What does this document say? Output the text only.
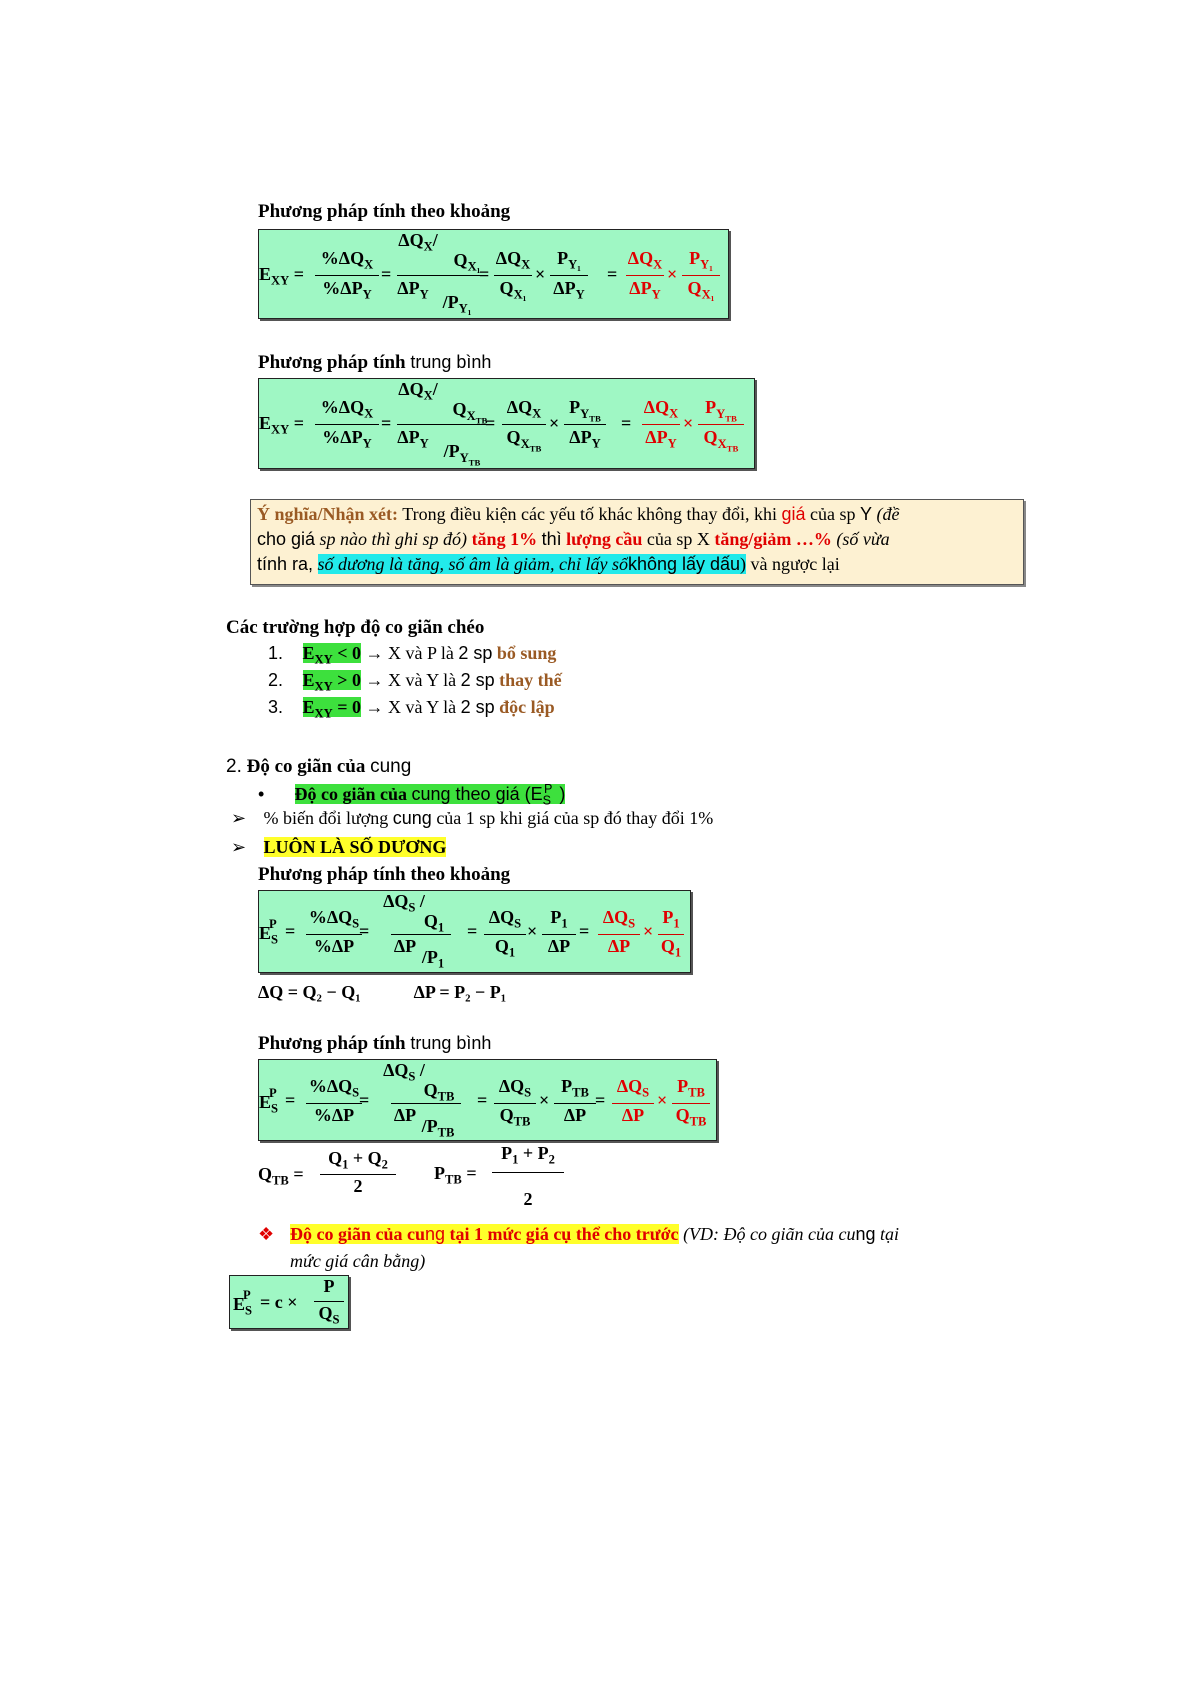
Phương pháp tính theo khoảng
$E_{XY}$ =
$\%\Delta Q_X$
$\%\Delta P_Y$
=
$\Delta Q_X/$
$Q_{X_1}$
$\Delta P_Y$ $/P_{Y_1}$
=
$\Delta Q_X$
$Q_{X_1}$
×
$P_{Y_1}$
$\Delta P_Y$
=
$\Delta Q_X$
$\Delta P_Y$
×
$P_{Y_1}$
$Q_{X_1}$
Phương pháp tính trung bình
$E_{XY}$ =
$\%\Delta Q_X$
$\%\Delta P_Y$
=
$\Delta Q_X/$
$Q_{X_{TB}}$
$\Delta P_Y$ $/P_{Y_{TB}}$
=
$\Delta Q_X$
$Q_{X_{TB}}$
×
$P_{Y_{TB}}$
$\Delta P_Y$
=
$\Delta Q_X$
$\Delta P_Y$
×
$P_{Y_{TB}}$
$Q_{X_{TB}}$
Ý nghĩa/Nhận xét: Trong điều kiện các yếu tố khác không thay đổi, khi giá của sp Y (đề
cho giá sp nào thì ghi sp đó) tăng 1% thì lượng cầu của sp X tăng/giảm …% (số vừa
tính ra, số dương là tăng, số âm là giảm, chỉ lấy sốkhông lấy dấu) và ngược lại
Các trường hợp độ co giãn chéo
1. $E_{XY} < 0 \to X$ và P là 2 sp bổ sung
2. $E_{XY} > 0 \to X$ và Y là 2 sp thay thế
3. $E_{XY} = 0 \to X$ và Y là 2 sp độc lập
2. Độ co giãn của cung
• Độ co giãn của cung theo giá ($E_S^P$ )
➢ % biến đổi lượng cung của 1 sp khi giá của sp đó thay đổi 1%
➢ LUÔN LÀ SỐ DƯƠNG
Phương pháp tính theo khoảng
$E_S^P$ =
$\%\Delta Q_S$
%ΔP
=
$\Delta Q_S$ /
$Q_1$
ΔP
$/P_1$
=
$\Delta Q_S$
$Q_1$
×
$P_1$
ΔP
=
$\Delta Q_S$
ΔP
×
$P_1$
$Q_1$
ΔQ = Q₂ − Q₁	ΔP = P₂ − P₁
Phương pháp tính trung bình
$E_S^P$ =
$\%\Delta Q_S$
%ΔP
=
$\Delta Q_S$ /
$Q_{TB}$
ΔP
$/P_{TB}$
=
$\Delta Q_S$
$Q_{TB}$
×
$P_{TB}$
ΔP
=
$\Delta Q_S$
ΔP
×
$P_{TB}$
$Q_{TB}$
$Q_{TB}$ =
$Q_1 + Q_2$
2
$P_{TB}$ =
$P_1 + P_2$
2
❖ Độ co giãn của cung tại 1 mức giá cụ thể cho trước (VD: Độ co giãn của cung tại
mức giá cân bằng)
$E_S^P = c$ ×
P
$Q_S$
